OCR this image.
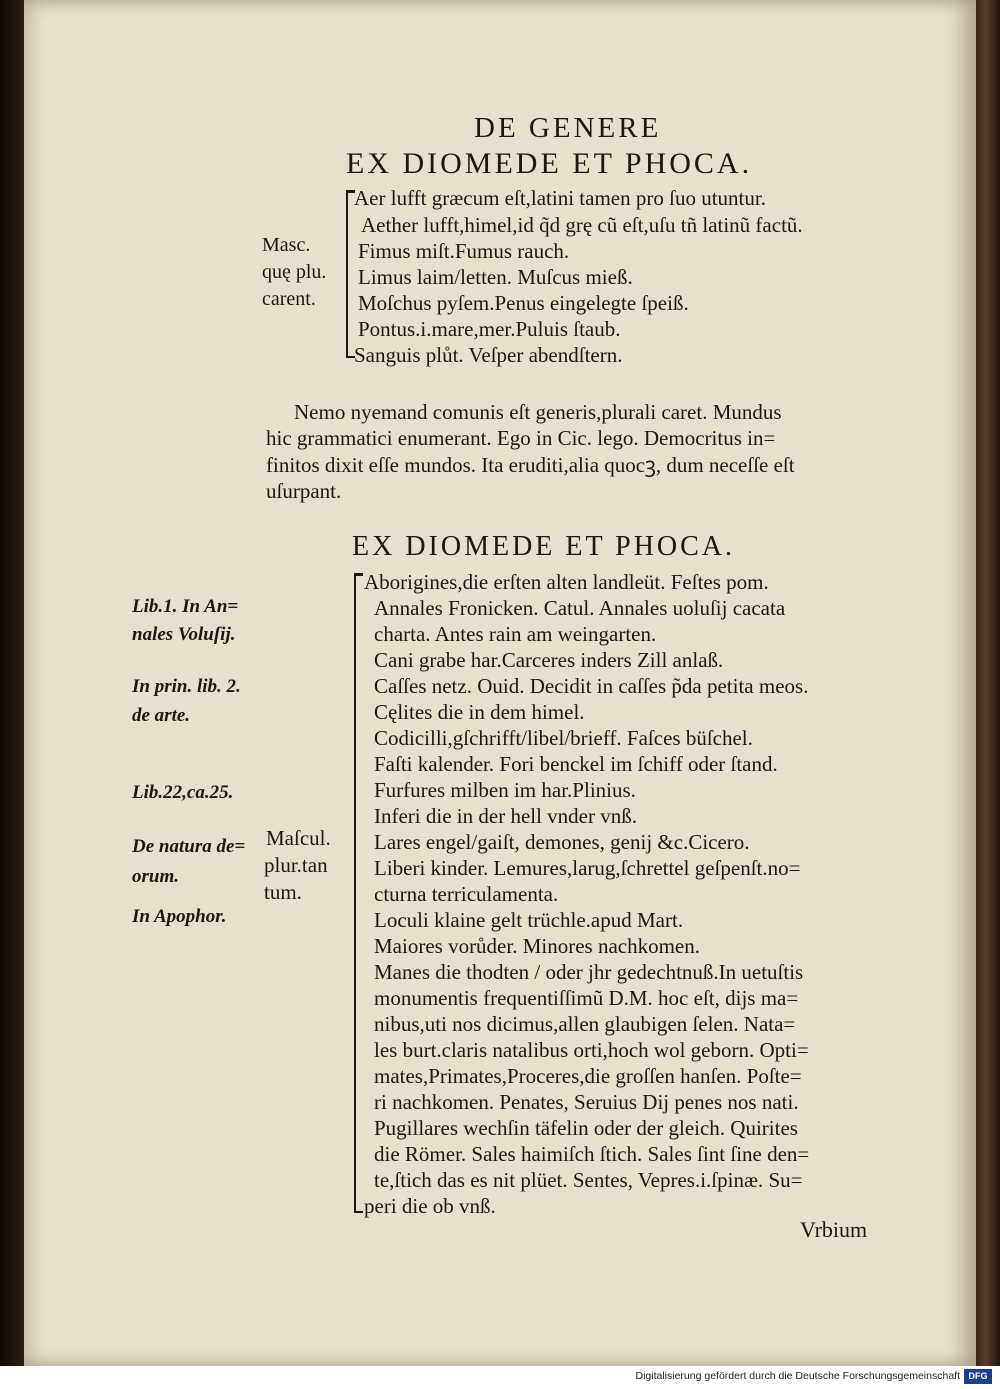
DE GENERE
EX DIOMEDE ET PHOCA.
Masc.
quę plu.
carent.
Aer lufft græcum eſt,latini tamen pro ſuo utuntur.
Aether lufft,himel,id q̃d grę cũ eſt,uſu tñ latinũ factũ.
Fimus miſt.Fumus rauch.
Limus laim/letten. Muſcus mieß.
Moſchus pyſem.Penus eingelegte ſpeiß.
Pontus.i.mare,mer.Puluis ſtaub.
Sanguis plůt. Veſper abendſtern.
Nemo nyemand comunis eſt generis,plurali caret. Mundus
hic grammatici enumerant. Ego in Cic. lego. Democritus in=
finitos dixit eſſe mundos. Ita eruditi,alia quocꝫ, dum neceſſe eſt
uſurpant.
EX DIOMEDE ET PHOCA.
Lib.1. In An=
nales Voluſij.
In prin. lib. 2.
de arte.
Lib.22,ca.25.
De natura de=
orum.
In Apophor.
Maſcul.
plur.tan
tum.
Aborigines,die erſten alten landleüt. Feſtes pom.
Annales Fronicken. Catul. Annales uoluſij cacata
charta. Antes rain am weingarten.
Cani grabe har.Carceres inders Zill anlaß.
Caſſes netz. Ouid. Decidit in caſſes p̃da petita meos.
Cęlites die in dem himel.
Codicilli,gſchrifft/libel/brieff. Faſces büſchel.
Faſti kalender. Fori benckel im ſchiff oder ſtand.
Furfures milben im har.Plinius.
Inferi die in der hell vnder vnß.
Lares engel/gaiſt, demones, genij &c.Cicero.
Liberi kinder. Lemures,larug,ſchrettel geſpenſt.no=
cturna terriculamenta.
Loculi klaine gelt trüchle.apud Mart.
Maiores vorůder. Minores nachkomen.
Manes die thodten / oder jhr gedechtnuß.In uetuſtis
monumentis frequentiſſimũ D.M. hoc eſt, dijs ma=
nibus,uti nos dicimus,allen glaubigen ſelen. Nata=
les burt.claris natalibus orti,hoch wol geborn. Opti=
mates,Primates,Proceres,die groſſen hanſen. Poſte=
ri nachkomen. Penates, Seruius Dij penes nos nati.
Pugillares wechſin täfelin oder der gleich. Quirites
die Römer. Sales haimiſch ſtich. Sales ſint ſine den=
te,ſtich das es nit plüet. Sentes, Vepres.i.ſpinæ. Su=
peri die ob vnß.
Vrbium
Digitalisierung gefördert durch die Deutsche Forschungsgemeinschaft DFG
